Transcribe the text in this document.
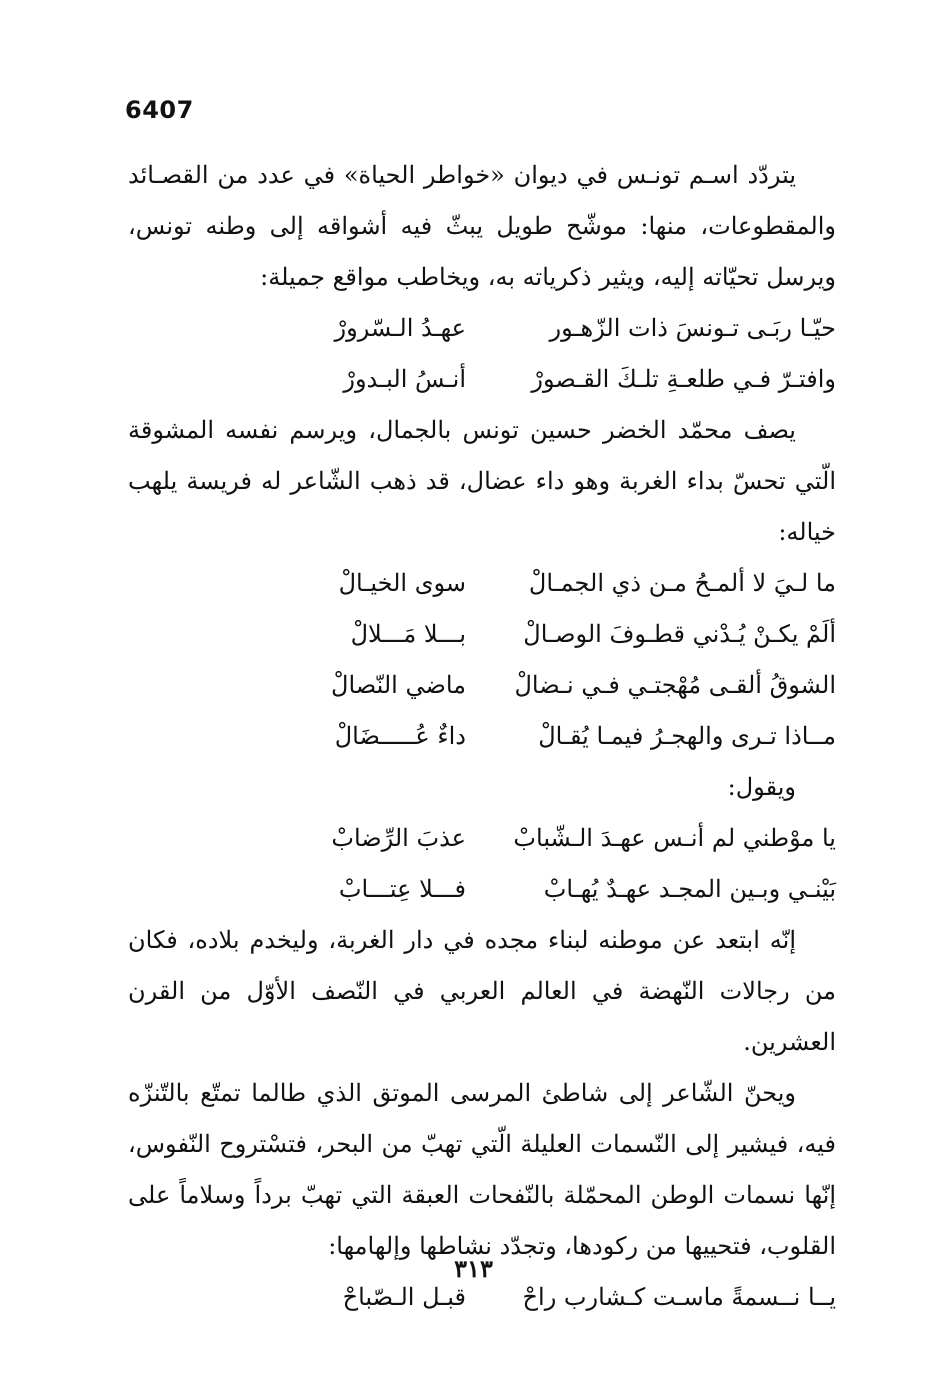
6407

يتردّد اسـم تونـس في ديوان «خواطر الحياة» في عدد من القصـائد والمقطوعات، منها: موشّح طويل يبثّ فيه أشواقه إلى وطنه تونس، ويرسل تحيّاته إليه، ويثير ذكرياته به، ويخاطب مواقع جميلة:

حيّـا ربَـى تـونسَ ذات الزّهـور
عهـدُ الـسّرورْ
وافتـرّ فـي طلعـةِ تلـكَ القـصورْ
أنـسُ البـدورْ

يصف محمّد الخضر حسين تونس بالجمال، ويرسم نفسه المشوقة الّتي تحسّ بداء الغربة وهو داء عضال، قد ذهب الشّاعر له فريسة يلهب خياله:

ما لـيَ لا ألمـحُ مـن ذي الجمـالْ
سوى الخيـالْ
ألَمْ يكـنْ يُـدْني قطـوفَ الوصـالْ
بـــلا مَـــلالْ
الشوقُ ألقـى مُهْجتـي فـي نـضالْ
ماضي النّصالْ
مــاذا تـرى والهجـرُ فيمـا يُقـالْ
داءٌ عُـــــضَالْ

ويقول:

يا موْطني لم أنـس عهـدَ الـشّبابْ
عذبَ الرِّضابْ
بَيْنـي وبـين المجـد عهـدٌ يُهـابْ
فـــلا عِتـــابْ

إنّه ابتعد عن موطنه لبناء مجده في دار الغربة، وليخدم بلاده، فكان من رجالات النّهضة في العالم العربي في النّصف الأوّل من القرن العشرين.

ويحنّ الشّاعر إلى شاطئ المرسى الموتق الذي طالما تمتّع بالتّنزّه فيه، فيشير إلى النّسمات العليلة الّتي تهبّ من البحر، فتسْتروح النّفوس، إنّها نسمات الوطن المحمّلة بالنّفحات العبقة التي تهبّ برداً وسلاماً على القلوب، فتحييها من ركودها، وتجدّد نشاطها وإلهامها:

يــا نــسمةً ماسـت كـشارب راحْ
قبـل الـصّباحْ
٣١٣
